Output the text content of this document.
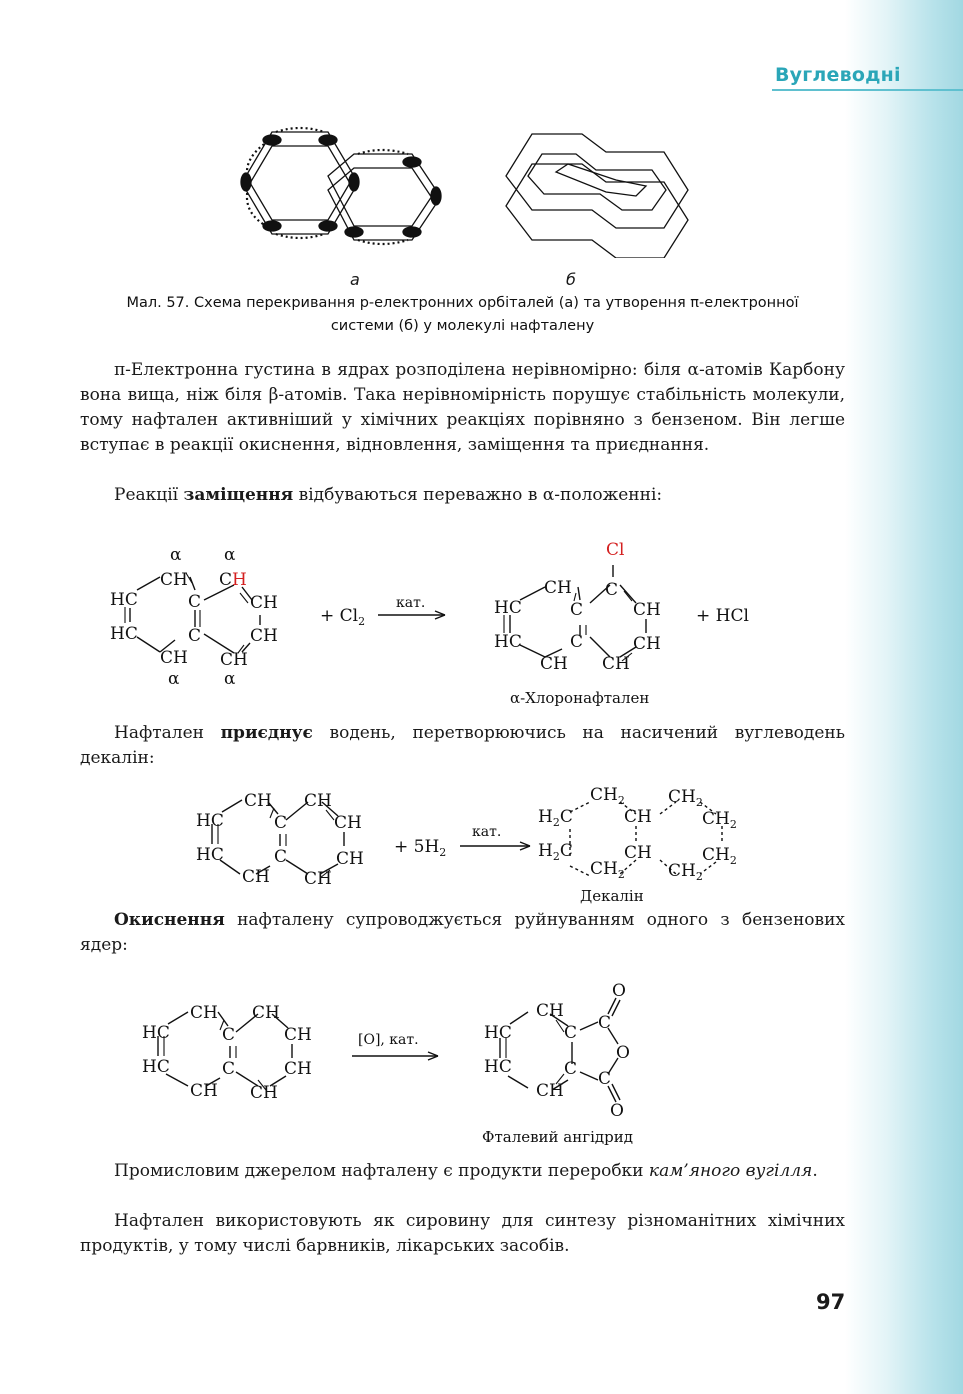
Вуглеводні
а	б
Мал. 57. Схема перекривання p-електронних орбіталей (а) та утворення π-електронної
системи (б) у молекулі нафталену
π-Електронна густина в ядрах розподілена нерівномірно: біля α-атомів Карбону вона вища, ніж біля β-атомів. Така нерівномірність порушує стабільність молекули, тому нафтален активніший у хімічних реакціях порівняно з бензеном. Він легше вступає в реакції окиснення, відновлення, заміщення та приєднання.
Реакції заміщення відбуваються переважно в α-положенні:
α	α
CH C H
HC	C	CH
HC	C	CH
CH CH
α	α
+ $Cl_2$
кат.
Cl
C
CH
HC	C	CH
HC	C	CH
CH CH
+ HCl
α-Хлоронафтален
Нафтален приєднує водень, перетворюючись на насичений вуглеводень декалін:
CH CH
HC	C	CH
HC	C	CH
CH CH
+ $5H_2$
кат.
$CH_2$	$CH_2$
$H_2C$	CH	$CH_2$
$H_2C$	CH	$CH_2$
$CH_2$	$CH_2$
Декалін
Окиснення нафталену супроводжується руйнуванням одного з бензенових ядер:
CH CH
HC	C	CH
HC	C	CH
CH CH
[O], кат.
O
CH
HC	C C
O
HC	C C
CH
O
Фталевий ангідрид
Промисловим джерелом нафталену є продукти переробки кам’яного вугілля.
Нафтален використовують як сировину для синтезу різноманітних хімічних продуктів, у тому числі барвників, лікарських засобів.
97
